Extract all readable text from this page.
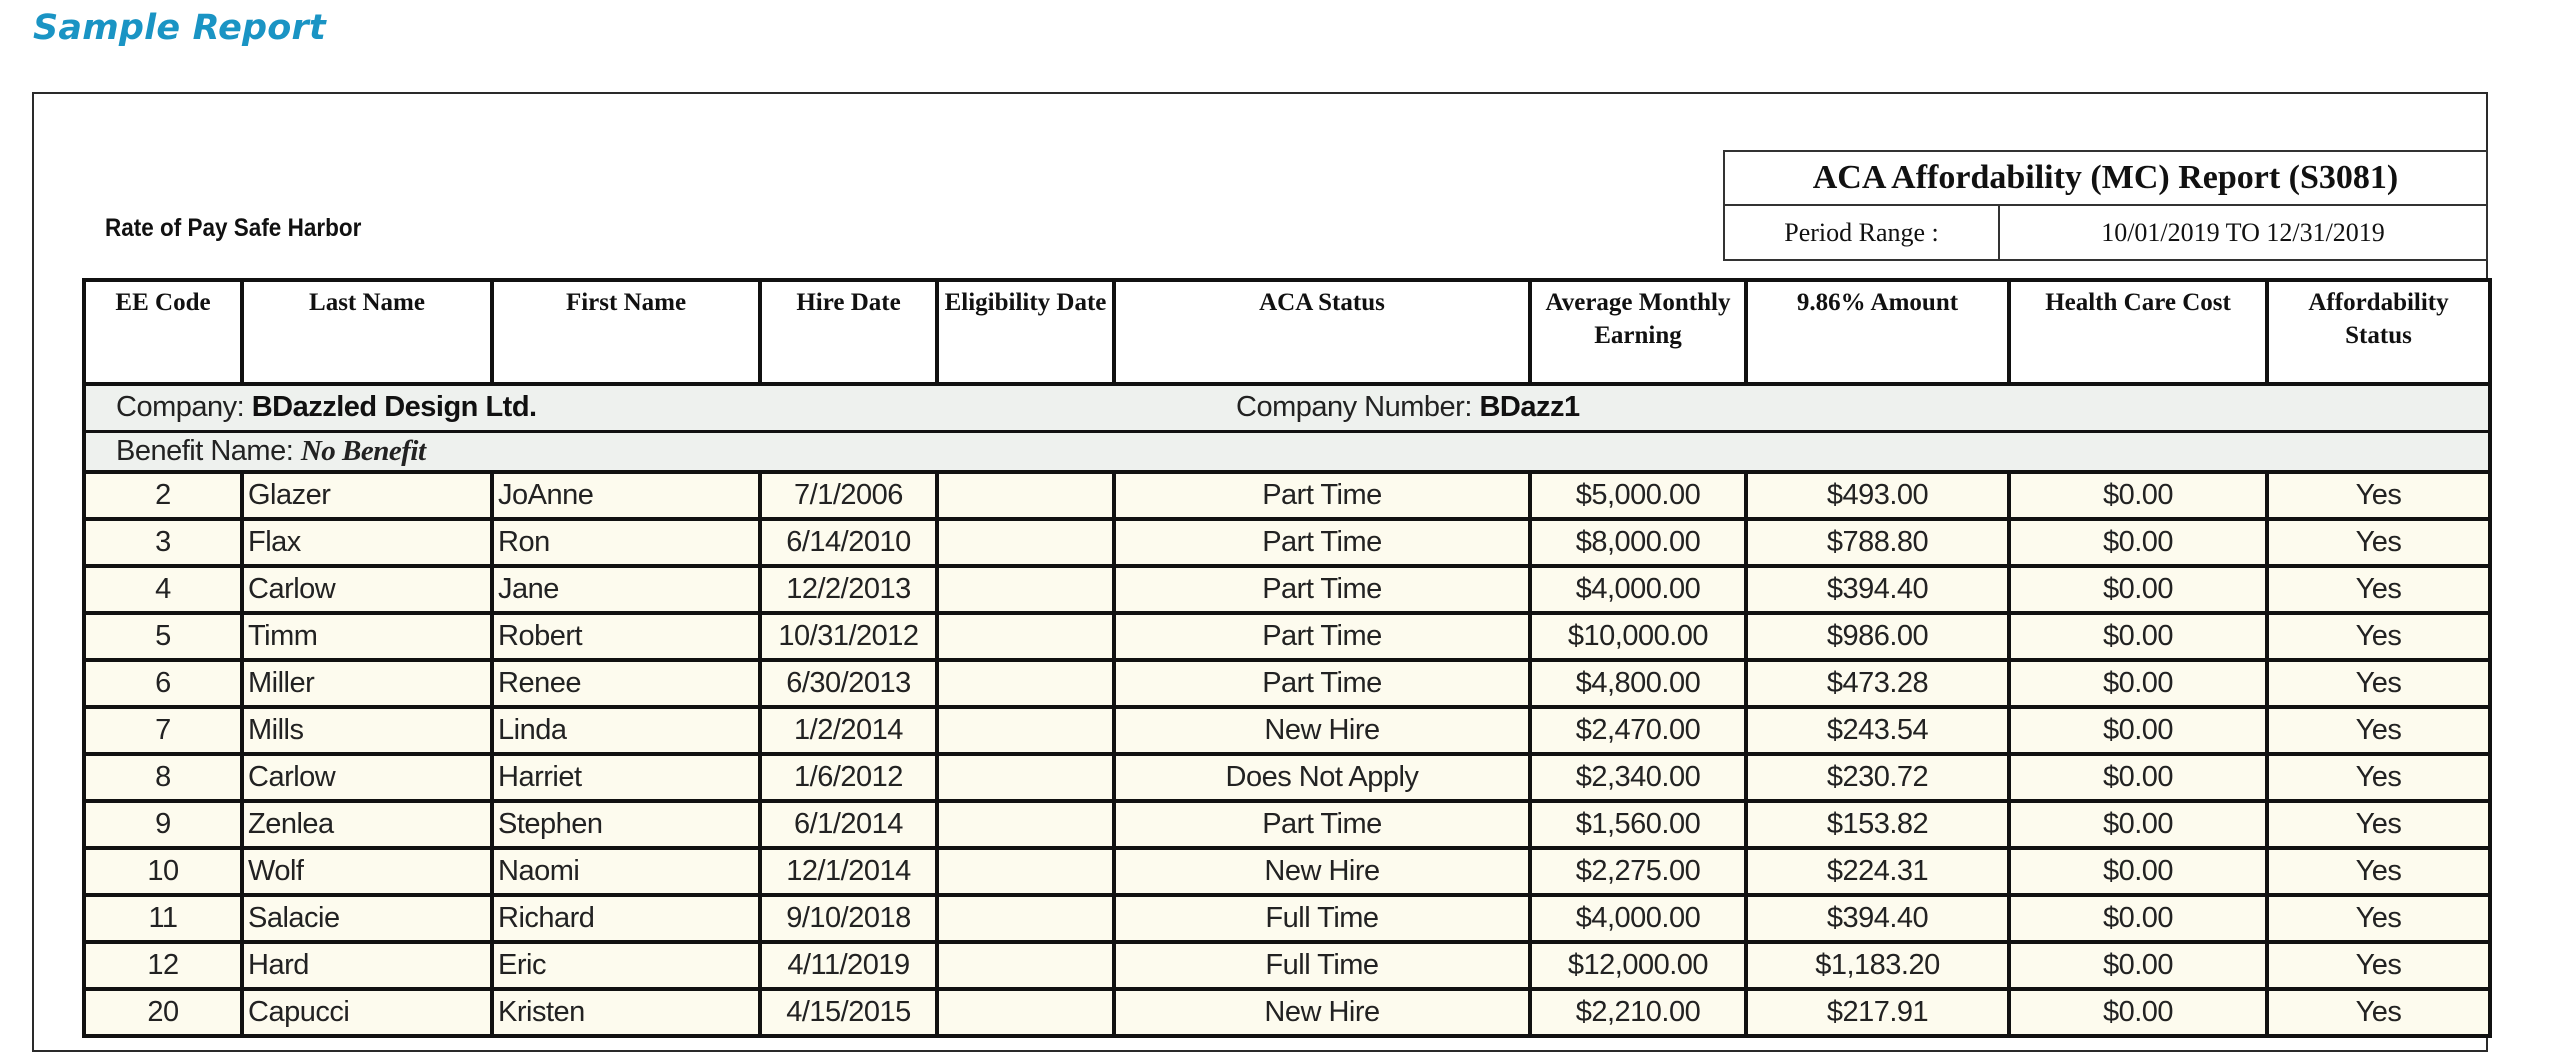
Sample Report
ACA Affordability (MC) Report (S3081)
Period Range :	10/01/2019 TO 12/31/2019
Rate of Pay Safe Harbor
EE Code	Last Name	First Name	Hire Date	Eligibility Date	ACA Status	Average Monthly Earning	9.86% Amount	Health Care Cost	Affordability Status
Company: BDazzled Design Ltd. Company Number: BDazz1									

Benefit Name: No Benefit									
2	Glazer	JoAnne	7/1/2006		Part Time	$5,000.00	$493.00	$0.00	Yes
3	Flax	Ron	6/14/2010		Part Time	$8,000.00	$788.80	$0.00	Yes
4	Carlow	Jane	12/2/2013		Part Time	$4,000.00	$394.40	$0.00	Yes
5	Timm	Robert	10/31/2012		Part Time	$10,000.00	$986.00	$0.00	Yes
6	Miller	Renee	6/30/2013		Part Time	$4,800.00	$473.28	$0.00	Yes
7	Mills	Linda	1/2/2014		New Hire	$2,470.00	$243.54	$0.00	Yes
8	Carlow	Harriet	1/6/2012		Does Not Apply	$2,340.00	$230.72	$0.00	Yes
9	Zenlea	Stephen	6/1/2014		Part Time	$1,560.00	$153.82	$0.00	Yes
10	Wolf	Naomi	12/1/2014		New Hire	$2,275.00	$224.31	$0.00	Yes
11	Salacie	Richard	9/10/2018		Full Time	$4,000.00	$394.40	$0.00	Yes
12	Hard	Eric	4/11/2019		Full Time	$12,000.00	$1,183.20	$0.00	Yes
20	Capucci	Kristen	4/15/2015		New Hire	$2,210.00	$217.91	$0.00	Yes
